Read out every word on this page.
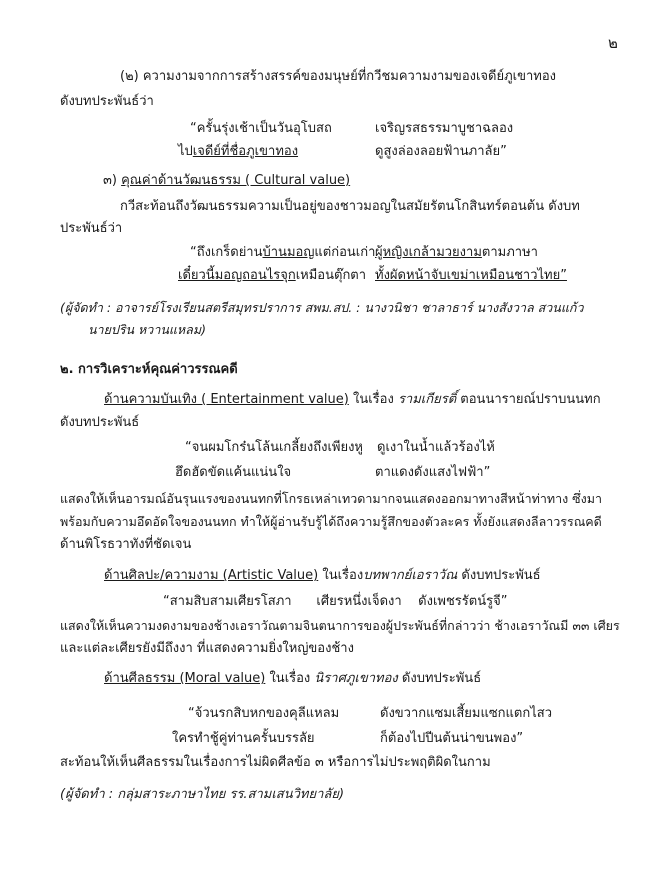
๒
(๒) ความงามจากการสร้างสรรค์ของมนุษย์ที่กวีชมความงามของเจดีย์ภูเขาทอง
ดังบทประพันธ์ว่า
“ครั้นรุ่งเช้าเป็นวันอุโบสถ	เจริญรสธรรมาบูชาฉลอง
ไปเจดีย์ที่ชื่อภูเขาทอง	ดูสูงล่องลอยฟ้านภาลัย”
๓) คุณค่าด้านวัฒนธรรม ( Cultural value)
กวีสะท้อนถึงวัฒนธรรมความเป็นอยู่ของชาวมอญในสมัยรัตนโกสินทร์ตอนต้น ดังบท
ประพันธ์ว่า
“ถึงเกร็ดย่านบ้านมอญแต่ก่อนเก่า ผู้หญิงเกล้ามวยงามตามภาษา
เดี๋ยวนี้มอญถอนไรจุกเหมือนตุ๊กตา ทั้งผัดหน้าจับเขม่าเหมือนชาวไทย”
(ผู้จัดทำ : อาจารย์โรงเรียนสตรีสมุทรปราการ สพม.สป. : นางวนิชา ชาลาธาร์ นางสังวาล สวนแก้ว
นายปริน หวานแหลม)
๒. การวิเคราะห์คุณค่าวรรณคดี
ด้านความบันเทิง ( Entertainment value) ในเรื่อง รามเกียรติ์ ตอนนารายณ์ปราบนนทก
ดังบทประพันธ์
“จนผมโกร๋นโล้นเกลี้ยงถึงเพียงหู ดูเงาในน้ำแล้วร้องไห้
ฮึดฮัดขัดแค้นแน่นใจ	ตาแดงดังแสงไฟฟ้า”
แสดงให้เห็นอารมณ์อันรุนแรงของนนทกที่โกรธเหล่าเทวดามากจนแสดงออกมาทางสีหน้าท่าทาง ซึ่งมา
พร้อมกับความอึดอัดใจของนนทก ทำให้ผู้อ่านรับรู้ได้ถึงความรู้สึกของตัวละคร ทั้งยังแสดงลีลาวรรณคดี
ด้านพิโรธวาทังที่ชัดเจน
ด้านศิลปะ/ความงาม (Artistic Value) ในเรื่องบทพากย์เอราวัณ ดังบทประพันธ์
“สามสิบสามเศียรโสภา      เศียรหนึ่งเจ็ดงา    ดังเพชรรัตน์รูจี”
แสดงให้เห็นความงดงามของช้างเอราวัณตามจินตนาการของผู้ประพันธ์ที่กล่าวว่า ช้างเอราวัณมี ๓๓ เศียร
และแต่ละเศียรยังมีถึงงา ที่แสดงความยิ่งใหญ่ของช้าง
ด้านศีลธรรม (Moral value) ในเรื่อง นิราศภูเขาทอง ดังบทประพันธ์
“จ้วนรกสิบหกของคุลีแหลม	ดังขวากแซมเสี้ยมแซกแตกไสว
ใครทำชู้คู่ท่านครั้นบรรลัย	ก็ต้องไปปีนต้นน่าขนพอง”
สะท้อนให้เห็นศีลธรรมในเรื่องการไม่ผิดศีลข้อ ๓ หรือการไม่ประพฤติผิดในกาม
(ผู้จัดทำ : กลุ่มสาระภาษาไทย รร.สามเสนวิทยาลัย)
